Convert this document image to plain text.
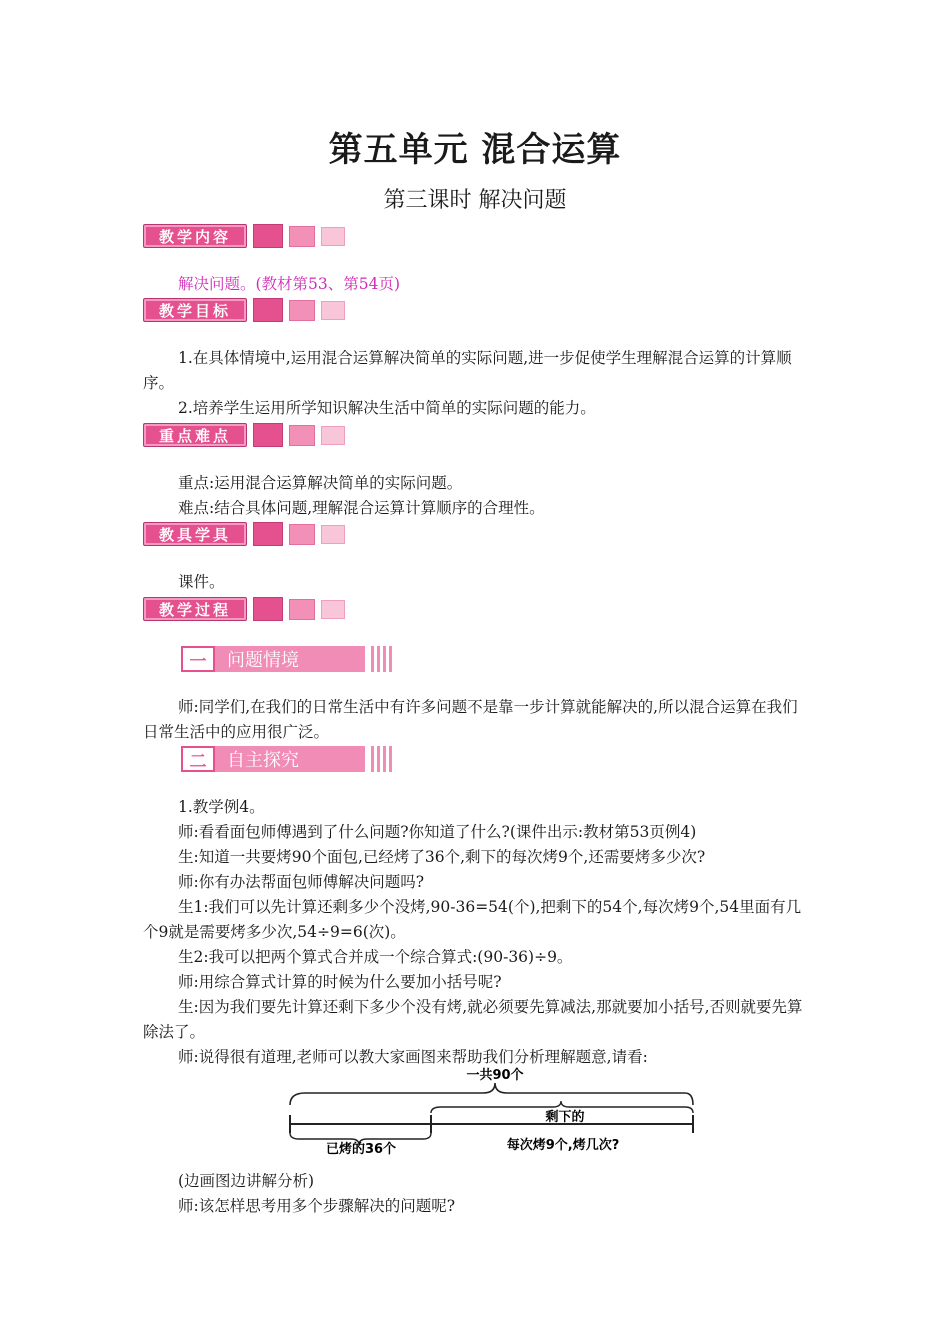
第五单元 混合运算
第三课时 解决问题
教学内容
解决问题。(教材第53、第54页)
教学目标
1.在具体情境中,运用混合运算解决简单的实际问题,进一步促使学生理解混合运算的计算顺序。
2.培养学生运用所学知识解决生活中简单的实际问题的能力。
重点难点
重点:运用混合运算解决简单的实际问题。
难点:结合具体问题,理解混合运算计算顺序的合理性。
教具学具
课件。
教学过程
一	问题情境
师:同学们,在我们的日常生活中有许多问题不是靠一步计算就能解决的,所以混合运算在我们日常生活中的应用很广泛。
二	自主探究
1.教学例4。
师:看看面包师傅遇到了什么问题?你知道了什么?(课件出示:教材第53页例4)
生:知道一共要烤90个面包,已经烤了36个,剩下的每次烤9个,还需要烤多少次?
师:你有办法帮面包师傅解决问题吗?
生1:我们可以先计算还剩多少个没烤,90-36=54(个),把剩下的54个,每次烤9个,54里面有几个9就是需要烤多少次,54÷9=6(次)。
生2:我可以把两个算式合并成一个综合算式:(90-36)÷9。
师:用综合算式计算的时候为什么要加小括号呢?
生:因为我们要先计算还剩下多少个没有烤,就必须要先算减法,那就要加小括号,否则就要先算除法了。
师:说得很有道理,老师可以教大家画图来帮助我们分析理解题意,请看:
一共90个
剩下的
已烤的36个	每次烤9个,烤几次?
(边画图边讲解分析)
师:该怎样思考用多个步骤解决的问题呢?
